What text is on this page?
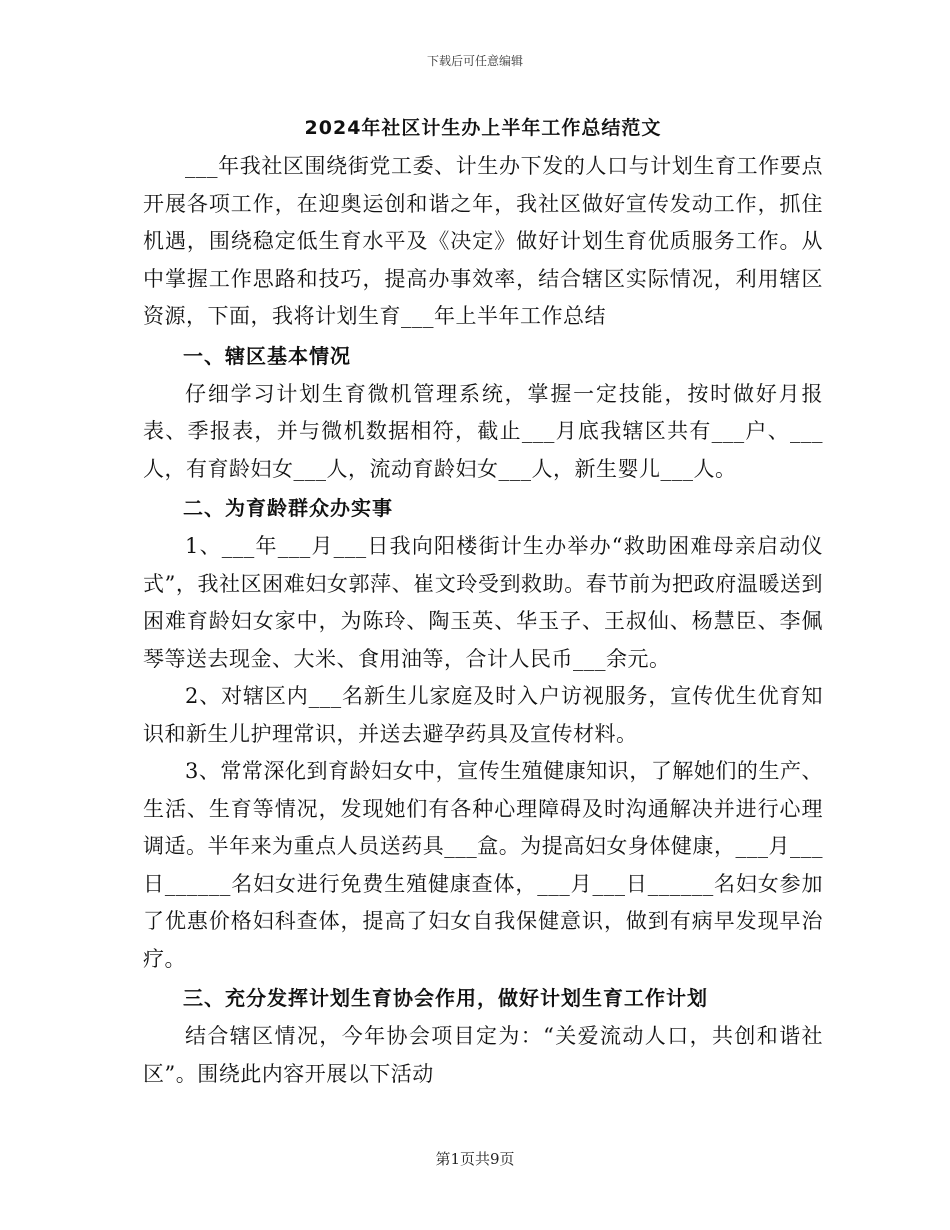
下载后可任意编辑
2024年社区计生办上半年工作总结范文

___年我社区围绕街党工委、计生办下发的人口与计划生育工作要点开展各项工作，在迎奥运创和谐之年，我社区做好宣传发动工作，抓住机遇，围绕稳定低生育水平及《决定》做好计划生育优质服务工作。从中掌握工作思路和技巧，提高办事效率，结合辖区实际情况，利用辖区资源，下面，我将计划生育___年上半年工作总结

一、辖区基本情况

仔细学习计划生育微机管理系统，掌握一定技能，按时做好月报表、季报表，并与微机数据相符，截止___月底我辖区共有___户、___人，有育龄妇女___人，流动育龄妇女___人，新生婴儿___人。

二、为育龄群众办实事

1、___年___月___日我向阳楼街计生办举办“救助困难母亲启动仪式”，我社区困难妇女郭萍、崔文玲受到救助。春节前为把政府温暖送到困难育龄妇女家中，为陈玲、陶玉英、华玉子、王叔仙、杨慧臣、李佩琴等送去现金、大米、食用油等，合计人民币___余元。

2、对辖区内___名新生儿家庭及时入户访视服务，宣传优生优育知识和新生儿护理常识，并送去避孕药具及宣传材料。

3、常常深化到育龄妇女中，宣传生殖健康知识，了解她们的生产、生活、生育等情况，发现她们有各种心理障碍及时沟通解决并进行心理调适。半年来为重点人员送药具___盒。为提高妇女身体健康，___月___日______名妇女进行免费生殖健康查体，___月___日______名妇女参加了优惠价格妇科查体，提高了妇女自我保健意识，做到有病早发现早治疗。

三、充分发挥计划生育协会作用，做好计划生育工作计划

结合辖区情况，今年协会项目定为：“关爱流动人口，共创和谐社区”。围绕此内容开展以下活动

第1页共9页
